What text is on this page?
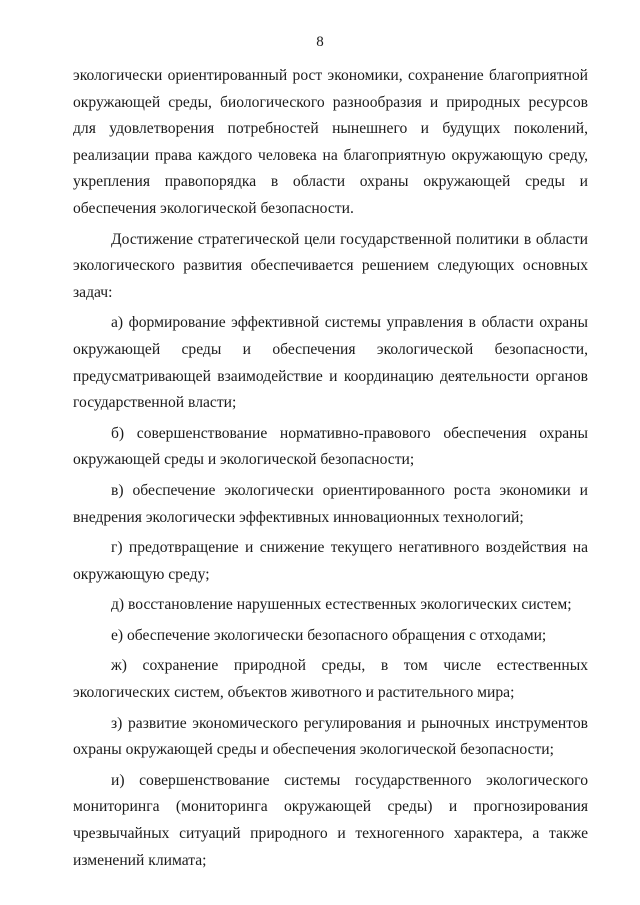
8

экологически ориентированный рост экономики, сохранение благоприятной окружающей среды, биологического разнообразия и природных ресурсов для удовлетворения потребностей нынешнего и будущих поколений, реализации права каждого человека на благоприятную окружающую среду, укрепления правопорядка в области охраны окружающей среды и обеспечения экологической безопасности.

Достижение стратегической цели государственной политики в области экологического развития обеспечивается решением следующих основных задач:

а) формирование эффективной системы управления в области охраны окружающей среды и обеспечения экологической безопасности, предусматривающей взаимодействие и координацию деятельности органов государственной власти;

б) совершенствование нормативно-правового обеспечения охраны окружающей среды и экологической безопасности;

в) обеспечение экологически ориентированного роста экономики и внедрения экологически эффективных инновационных технологий;

г) предотвращение и снижение текущего негативного воздействия на окружающую среду;

д) восстановление нарушенных естественных экологических систем;

е) обеспечение экологически безопасного обращения с отходами;

ж) сохранение природной среды, в том числе естественных экологических систем, объектов животного и растительного мира;

з) развитие экономического регулирования и рыночных инструментов охраны окружающей среды и обеспечения экологической безопасности;

и) совершенствование системы государственного экологического мониторинга (мониторинга окружающей среды) и прогнозирования чрезвычайных ситуаций природного и техногенного характера, а также изменений климата;
